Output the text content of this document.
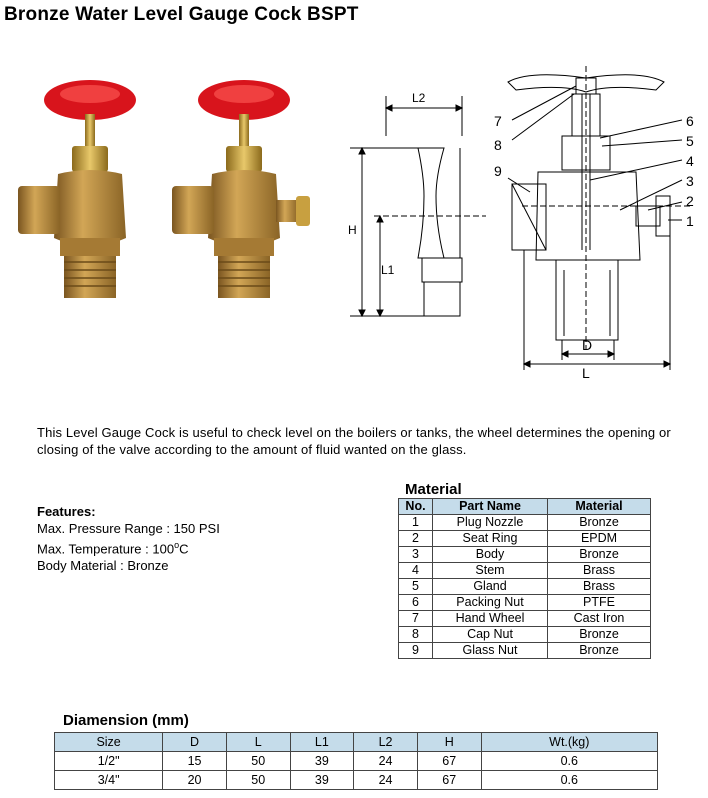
Bronze Water Level Gauge Cock BSPT
L2
H
L1
6
5
4
3
2
1
7
8
9
D
L
This Level Gauge Cock is useful to check level on the boilers or tanks, the wheel determines the opening or closing of the valve according to the amount of fluid wanted on the glass.
Features:
Max. Pressure Range : 150 PSI
Max. Temperature : 100$^o$C
Body Material : Bronze
Material
No.	Part Name	Material
1	Plug Nozzle	Bronze
2	Seat Ring	EPDM
3	Body	Bronze
4	Stem	Brass
5	Gland	Brass
6	Packing Nut	PTFE
7	Hand Wheel	Cast Iron
8	Cap Nut	Bronze
9	Glass Nut	Bronze
Diamension (mm)
Size	D	L	L1	L2	H	Wt.(kg)
1/2"	15	50	39	24	67	0.6
3/4"	20	50	39	24	67	0.6
